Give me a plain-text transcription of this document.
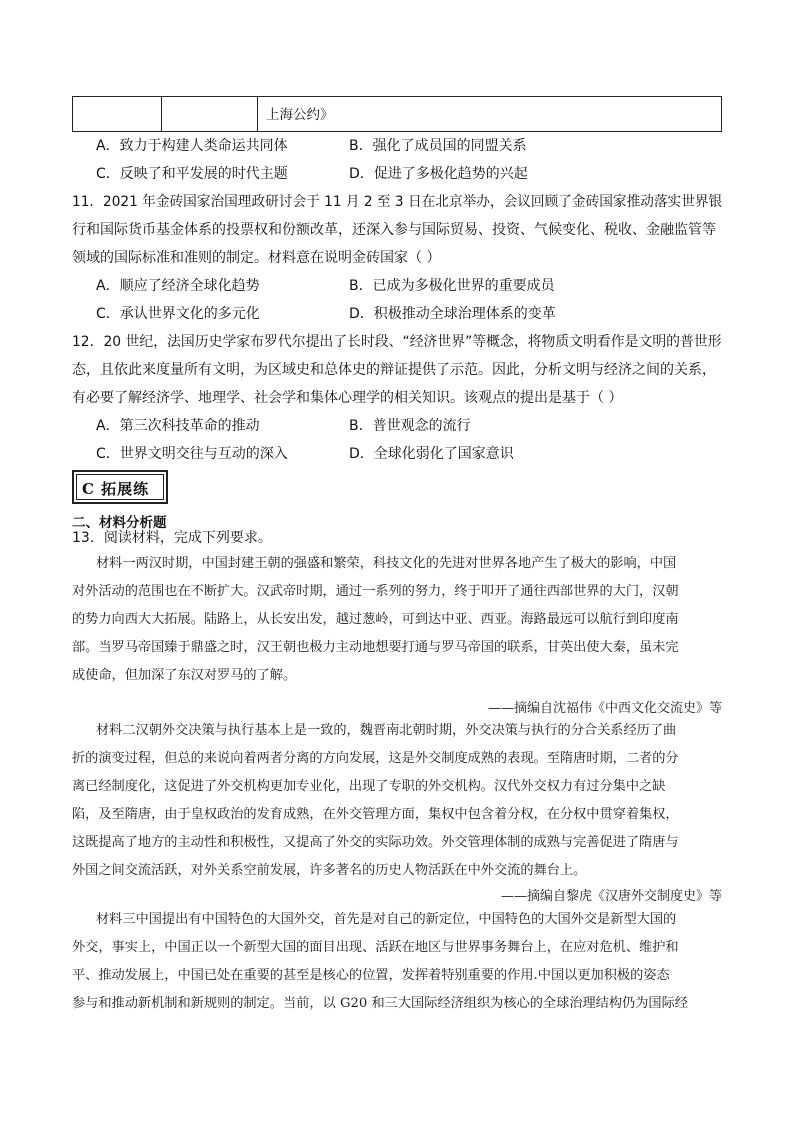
上海公约》
A．致力于构建人类命运共同体	B．强化了成员国的同盟关系
C．反映了和平发展的时代主题	D．促进了多极化趋势的兴起
11．2021 年金砖国家治国理政研讨会于 11 月 2 至 3 日在北京举办，会议回顾了金砖国家推动落实世界银
行和国际货币基金体系的投票权和份额改革，还深入参与国际贸易、投资、气候变化、税收、金融监管等
领域的国际标准和准则的制定。材料意在说明金砖国家（ ）
A．顺应了经济全球化趋势	B．已成为多极化世界的重要成员
C．承认世界文化的多元化	D．积极推动全球治理体系的变革
12．20 世纪，法国历史学家布罗代尔提出了长时段、“经济世界”等概念，将物质文明看作是文明的普世形
态，且依此来度量所有文明，为区域史和总体史的辩证提供了示范。因此，分析文明与经济之间的关系，
有必要了解经济学、地理学、社会学和集体心理学的相关知识。该观点的提出是基于（ ）
A．第三次科技革命的推动	B．普世观念的流行
C．世界文明交往与互动的深入	D．全球化弱化了国家意识
C 拓展练
二、材料分析题
13．阅读材料，完成下列要求。
材料一两汉时期，中国封建王朝的强盛和繁荣，科技文化的先进对世界各地产生了极大的影响，中国
对外活动的范围也在不断扩大。汉武帝时期，通过一系列的努力，终于叩开了通往西部世界的大门，汉朝
的势力向西大大拓展。陆路上，从长安出发，越过葱岭，可到达中亚、西亚。海路最远可以航行到印度南
部。当罗马帝国臻于鼎盛之时，汉王朝也极力主动地想要打通与罗马帝国的联系，甘英出使大秦，虽未完
成使命，但加深了东汉对罗马的了解。
——摘编自沈福伟《中西文化交流史》等
材料二汉朝外交决策与执行基本上是一致的，魏晋南北朝时期，外交决策与执行的分合关系经历了曲
折的演变过程，但总的来说向着两者分离的方向发展，这是外交制度成熟的表现。至隋唐时期，二者的分
离已经制度化，这促进了外交机构更加专业化，出现了专职的外交机构。汉代外交权力有过分集中之缺
陷，及至隋唐，由于皇权政治的发育成熟，在外交管理方面，集权中包含着分权，在分权中贯穿着集权，
这既提高了地方的主动性和积极性，又提高了外交的实际功效。外交管理体制的成熟与完善促进了隋唐与
外国之间交流活跃，对外关系空前发展，许多著名的历史人物活跃在中外交流的舞台上。
——摘编自黎虎《汉唐外交制度史》等
材料三中国提出有中国特色的大国外交，首先是对自己的新定位，中国特色的大国外交是新型大国的
外交，事实上，中国正以一个新型大国的面目出现、活跃在地区与世界事务舞台上，在应对危机、维护和
平、推动发展上，中国已处在重要的甚至是核心的位置，发挥着特别重要的作用.中国以更加积极的姿态
参与和推动新机制和新规则的制定。当前，以 G20 和三大国际经济组织为核心的全球治理结构仍为国际经
